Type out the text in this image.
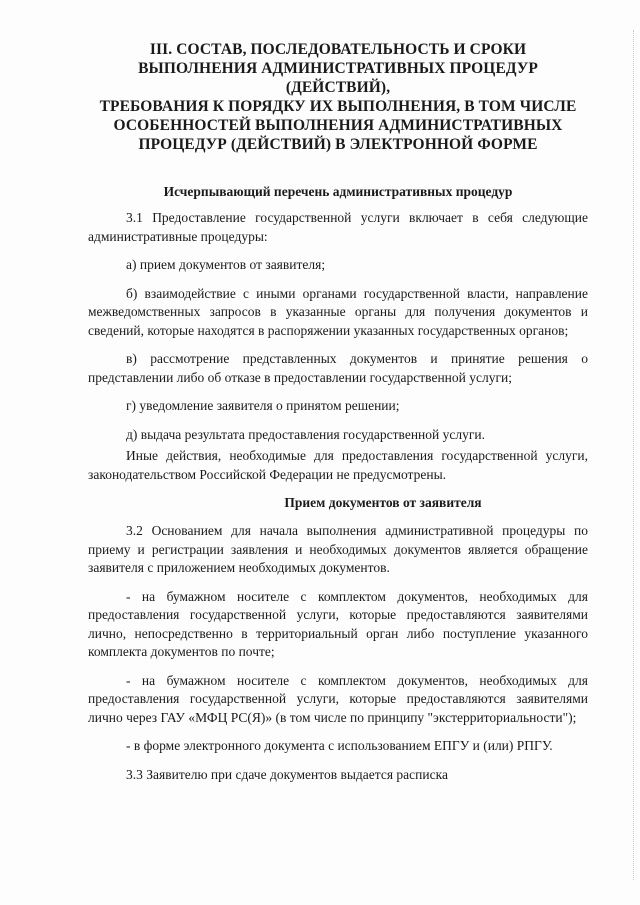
III. СОСТАВ, ПОСЛЕДОВАТЕЛЬНОСТЬ И СРОКИ
ВЫПОЛНЕНИЯ АДМИНИСТРАТИВНЫХ ПРОЦЕДУР (ДЕЙСТВИЙ),
ТРЕБОВАНИЯ К ПОРЯДКУ ИХ ВЫПОЛНЕНИЯ, В ТОМ ЧИСЛЕ
ОСОБЕННОСТЕЙ ВЫПОЛНЕНИЯ АДМИНИСТРАТИВНЫХ
ПРОЦЕДУР (ДЕЙСТВИЙ) В ЭЛЕКТРОННОЙ ФОРМЕ
Исчерпывающий перечень административных процедур

3.1 Предоставление государственной услуги включает в себя следующие административные процедуры:

а) прием документов от заявителя;

б) взаимодействие с иными органами государственной власти, направление межведомственных запросов в указанные органы для получения документов и сведений, которые находятся в распоряжении указанных государственных органов;

в) рассмотрение представленных документов и принятие решения о представлении либо об отказе в предоставлении государственной услуги;

г) уведомление заявителя о принятом решении;

д) выдача результата предоставления государственной услуги.

Иные действия, необходимые для предоставления государственной услуги, законодательством Российской Федерации не предусмотрены.

Прием документов от заявителя

3.2 Основанием для начала выполнения административной процедуры по приему и регистрации заявления и необходимых документов является обращение заявителя с приложением необходимых документов.

- на бумажном носителе с комплектом документов, необходимых для предоставления государственной услуги, которые предоставляются заявителями лично, непосредственно в территориальный орган либо поступление указанного комплекта документов по почте;

- на бумажном носителе с комплектом документов, необходимых для предоставления государственной услуги, которые предоставляются заявителями лично через ГАУ «МФЦ РС(Я)» (в том числе по принципу "экстерриториальности");

- в форме электронного документа с использованием ЕПГУ и (или) РПГУ.

3.3 Заявителю при сдаче документов выдается расписка
